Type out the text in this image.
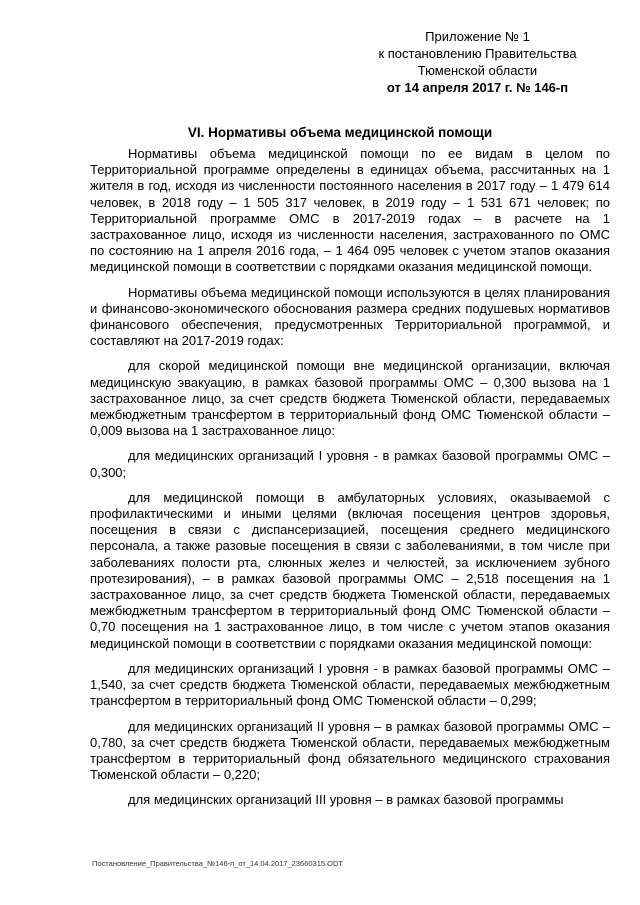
Приложение № 1
к постановлению Правительства
Тюменской области
от 14 апреля 2017 г. № 146-п
VI. Нормативы объема медицинской помощи

Нормативы объема медицинской помощи по ее видам в целом по Территориальной программе определены в единицах объема, рассчитанных на 1 жителя в год, исходя из численности постоянного населения в 2017 году – 1 479 614 человек, в 2018 году – 1 505 317 человек, в 2019 году – 1 531 671 человек; по Территориальной программе ОМС в 2017-2019 годах – в расчете на 1 застрахованное лицо, исходя из численности населения, застрахованного по ОМС по состоянию на 1 апреля 2016 года, – 1 464 095 человек с учетом этапов оказания медицинской помощи в соответствии с порядками оказания медицинской помощи.

Нормативы объема медицинской помощи используются в целях планирования и финансово-экономического обоснования размера средних подушевых нормативов финансового обеспечения, предусмотренных Территориальной программой, и составляют на 2017-2019 годах:

для скорой медицинской помощи вне медицинской организации, включая медицинскую эвакуацию, в рамках базовой программы ОМС – 0,300 вызова на 1 застрахованное лицо, за счет средств бюджета Тюменской области, передаваемых межбюджетным трансфертом в территориальный фонд ОМС Тюменской области – 0,009 вызова на 1 застрахованное лицо:

для медицинских организаций I уровня - в рамках базовой программы ОМС – 0,300;

для медицинской помощи в амбулаторных условиях, оказываемой с профилактическими и иными целями (включая посещения центров здоровья, посещения в связи с диспансеризацией, посещения среднего медицинского персонала, а также разовые посещения в связи с заболеваниями, в том числе при заболеваниях полости рта, слюнных желез и челюстей, за исключением зубного протезирования), – в рамках базовой программы ОМС – 2,518 посещения на 1 застрахованное лицо, за счет средств бюджета Тюменской области, передаваемых межбюджетным трансфертом в территориальный фонд ОМС Тюменской области – 0,70 посещения на 1 застрахованное лицо, в том числе с учетом этапов оказания медицинской помощи в соответствии с порядками оказания медицинской помощи:

для медицинских организаций I уровня - в рамках базовой программы ОМС – 1,540, за счет средств бюджета Тюменской области, передаваемых межбюджетным трансфертом в территориальный фонд ОМС Тюменской области – 0,299;

для медицинских организаций II уровня – в рамках базовой программы ОМС – 0,780, за счет средств бюджета Тюменской области, передаваемых межбюджетным трансфертом в территориальный фонд обязательного медицинского страхования Тюменской области – 0,220;

для медицинских организаций III уровня – в рамках базовой программы

Постановление_Правительства_№146-п_от_14.04.2017_23660315.ODT
